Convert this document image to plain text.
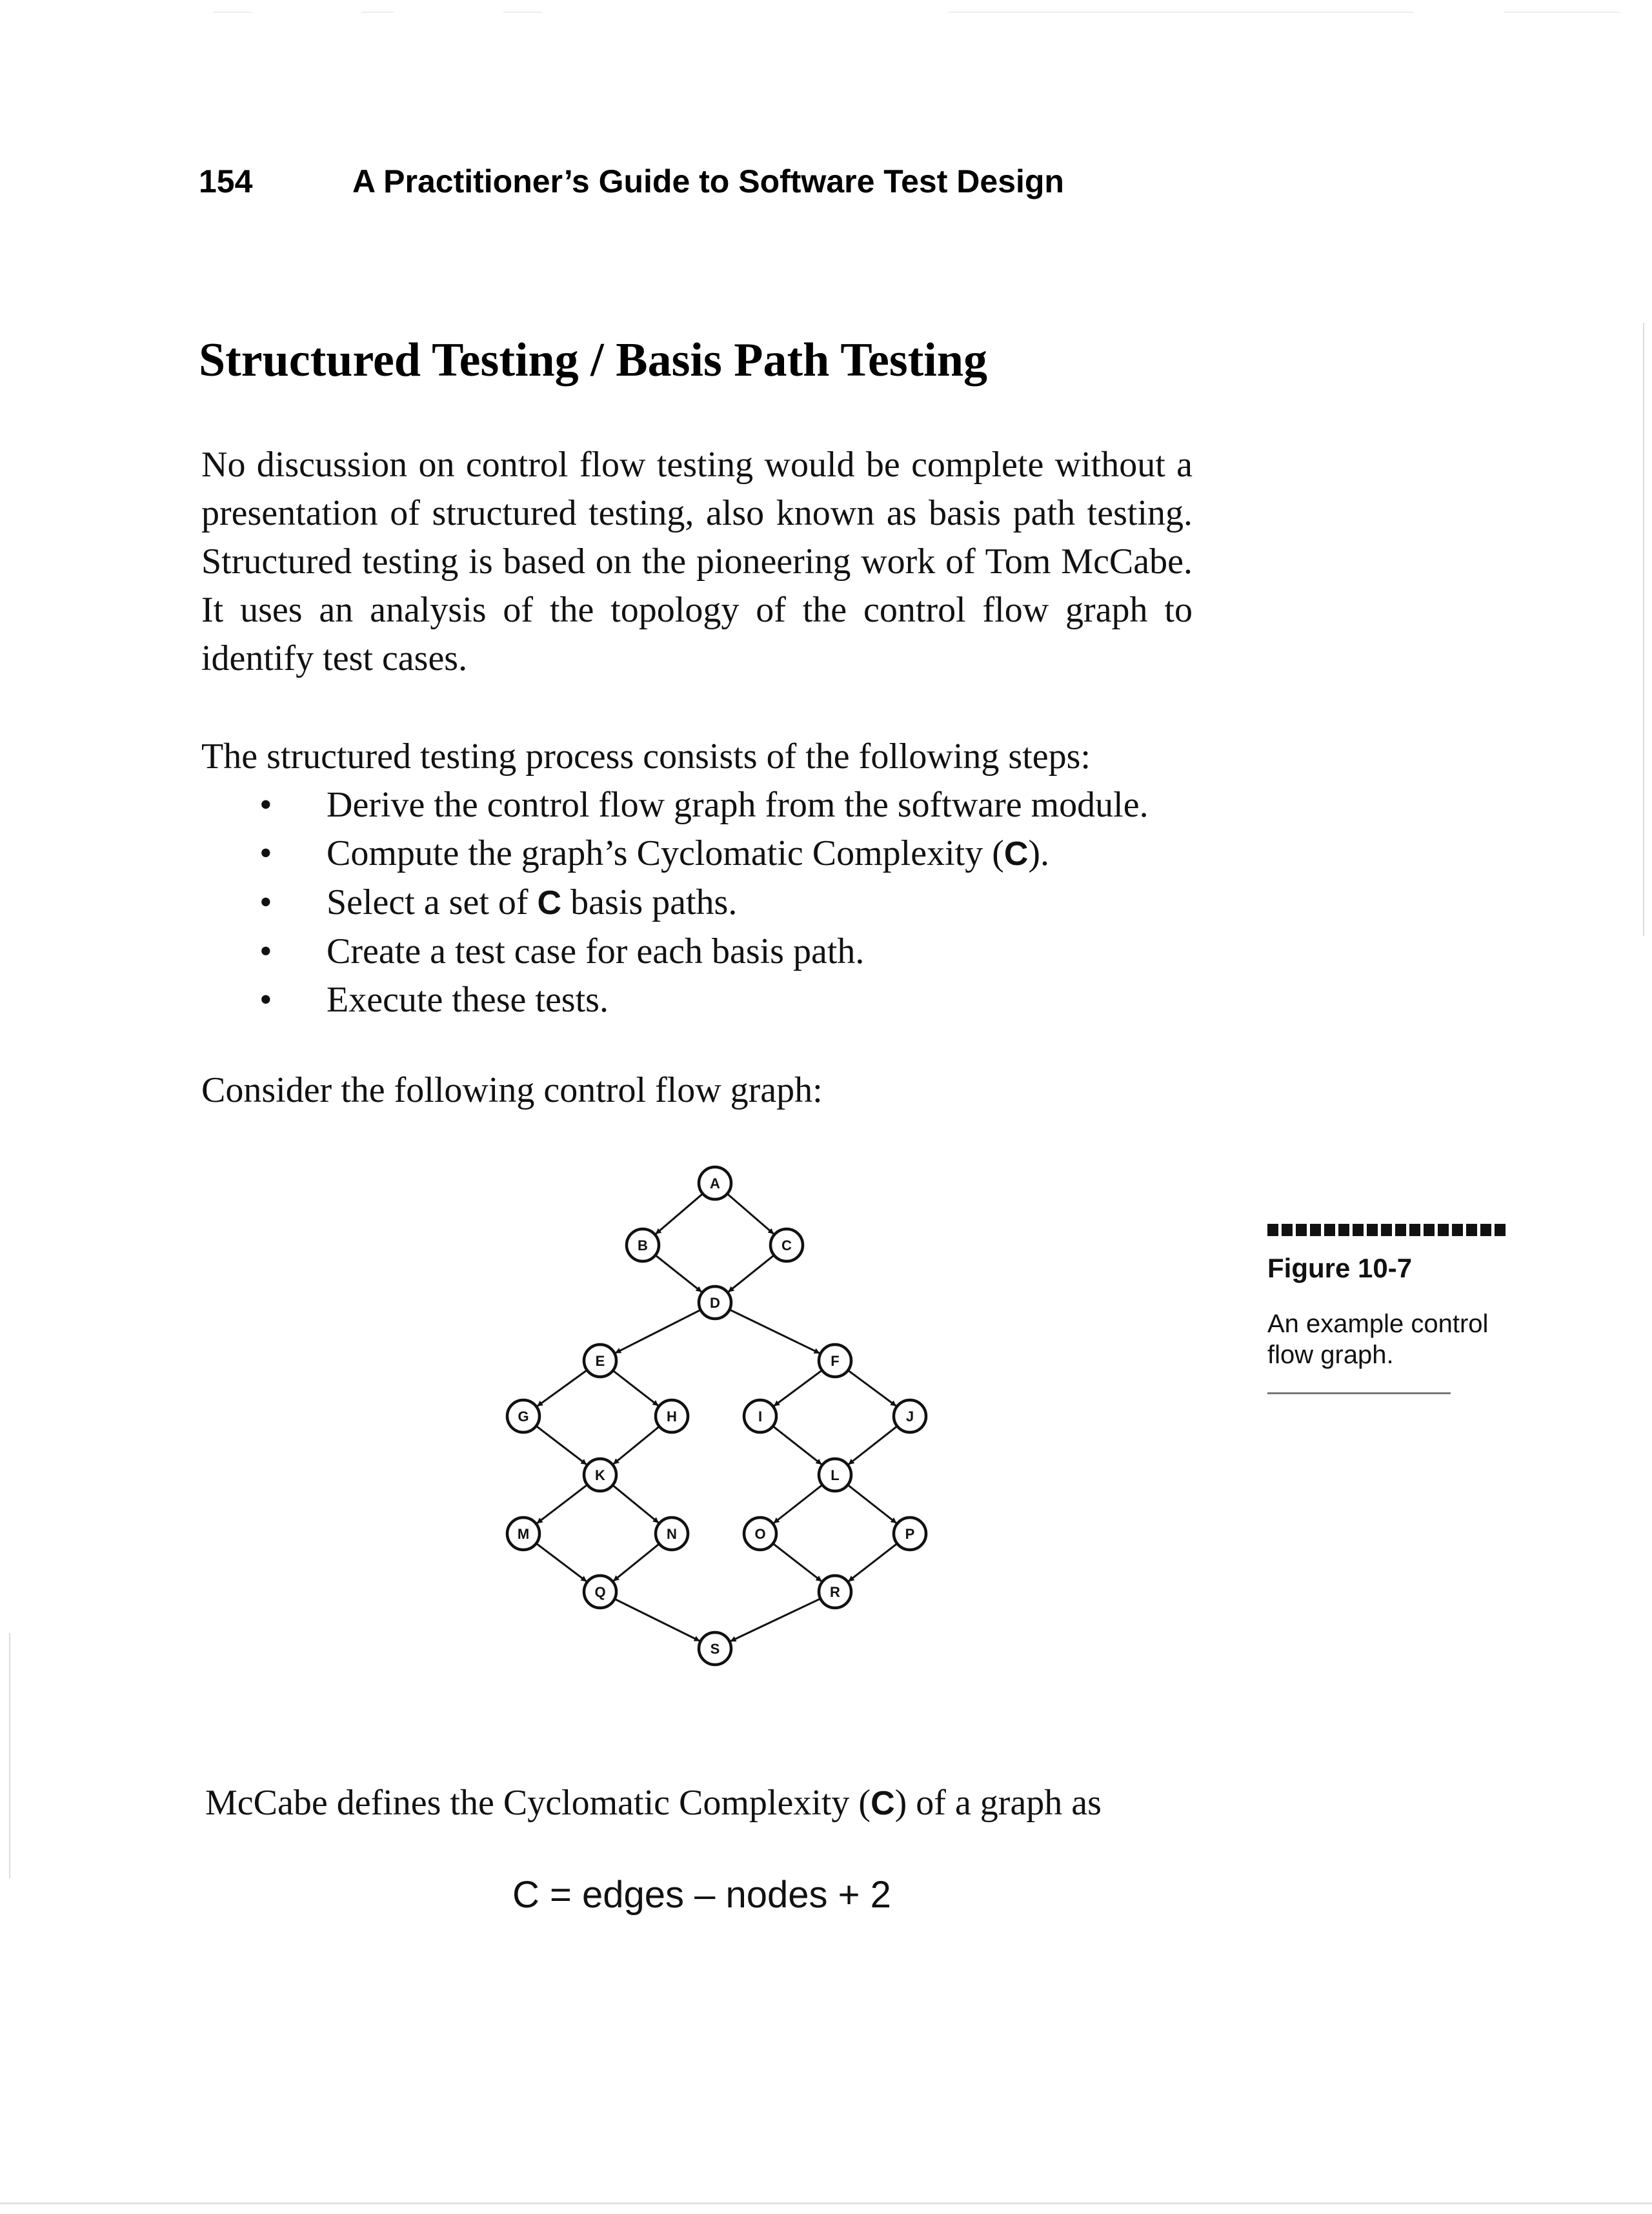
154	A Practitioner’s Guide to Software Test Design
Structured Testing / Basis Path Testing

No discussion on control flow testing would be complete without a presentation of structured testing, also known as basis path testing. Structured testing is based on the pioneering work of Tom McCabe. It uses an analysis of the topology of the control flow graph to identify test cases.

The structured testing process consists of the following steps:
• Derive the control flow graph from the software module.
• Compute the graph’s Cyclomatic Complexity (C).
• Select a set of C basis paths.
• Create a test case for each basis path.
• Execute these tests.

Consider the following control flow graph:

A
B	C
D
E	F
G	H	I	J
K	L
M	N	O	P
Q	R
S
Figure 10-7
An example control flow graph.

McCabe defines the Cyclomatic Complexity (C) of a graph as

C = edges – nodes + 2
